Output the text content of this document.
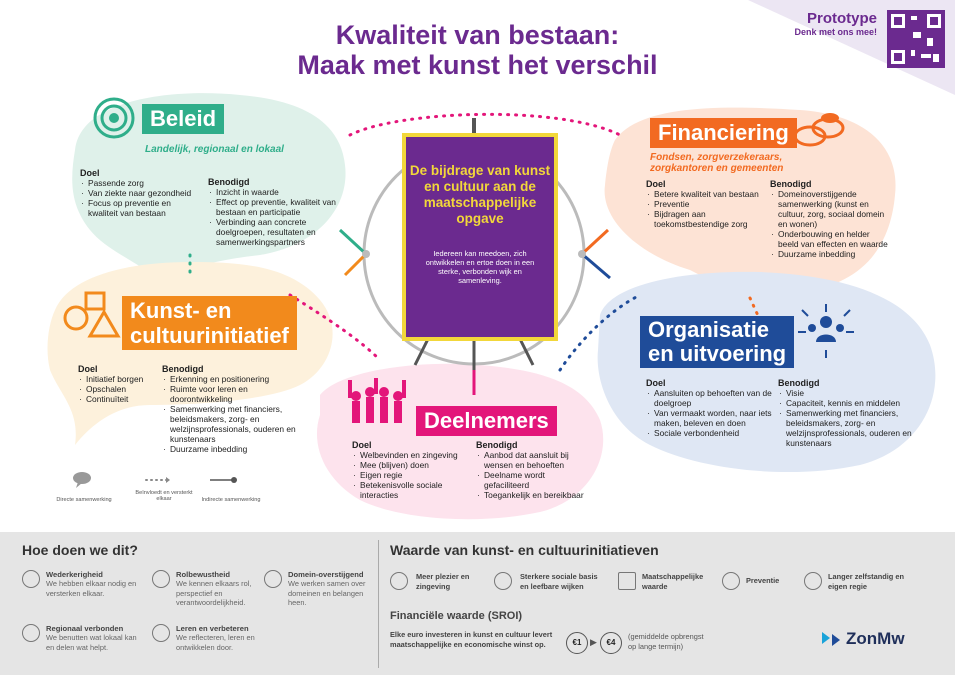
Kwaliteit van bestaan:
Maak met kunst het verschil
Prototype
Denk met ons mee!
Beleid
Landelijk, regionaal en lokaal
Doel
· Passende zorg
· Van ziekte naar gezondheid
· Focus op preventie en kwaliteit van bestaan
Benodigd
· Inzicht in waarde
· Effect op preventie, kwaliteit van bestaan en participatie
· Verbinding aan concrete doelgroepen, resultaten en samenwerkingspartners
Financiering
Fondsen, zorgverzekeraars, zorgkantoren en gemeenten
Doel
· Betere kwaliteit van bestaan
· Preventie
· Bijdragen aan toekomstbestendige zorg
Benodigd
· Domeinoverstijgende samenwerking (kunst en cultuur, zorg, sociaal domein en wonen)
· Onderbouwing en helder beeld van effecten en waarde
· Duurzame inbedding
Kunst- en
cultuurinitiatief
Doel
· Initiatief borgen
· Opschalen
· Continuïteit
Benodigd
· Erkenning en positionering
· Ruimte voor leren en doorontwikkeling
· Samenwerking met financiers, beleidsmakers, zorg- en welzijnsprofessionals, ouderen en kunstenaars
· Duurzame inbedding
Organisatie
en uitvoering
Doel
· Aansluiten op behoeften van de doelgroep
· Van vermaakt worden, naar iets maken, beleven en doen
· Sociale verbondenheid
Benodigd
· Visie
· Capaciteit, kennis en middelen
· Samenwerking met financiers, beleidsmakers, zorg- en welzijnsprofessionals, ouderen en kunstenaars
Deelnemers
Doel
· Welbevinden en zingeving
· Mee (blijven) doen
· Eigen regie
· Betekenisvolle sociale interacties
Benodigd
· Aanbod dat aansluit bij wensen en behoeften
· Deelname wordt gefaciliteerd
· Toegankelijk en bereikbaar
De bijdrage van kunst en cultuur aan de maatschappelijke opgave
Iedereen kan meedoen, zich ontwikkelen en ertoe doen in een sterke, verbonden wijk en samenleving.
Directe samenwerking
Beïnvloedt en versterkt elkaar	Indirecte samenwerking
Hoe doen we dit?
Wederkerigheid

We hebben elkaar nodig en versterken elkaar.

Rolbewustheid

We kennen elkaars rol, perspectief en verantwoordelijkheid.

Domein-overstijgend

We werken samen over domeinen en belangen heen.

Regionaal verbonden

We benutten wat lokaal kan en delen wat helpt.

Leren en verbeteren

We reflecteren, leren en ontwikkelen door.

Waarde van kunst- en cultuurinitiatieven
Meer plezier en zingeving
Sterkere sociale basis en leefbare wijken
Maatschappelijke waarde
Preventie	Langer zelfstandig en eigen regie
Financiële waarde (SROI)
Elke euro investeren in kunst en cultuur levert maatschappelijke en economische winst op.	€1 ▶	€4
(gemiddelde opbrengst op lange termijn)	ZonMw
